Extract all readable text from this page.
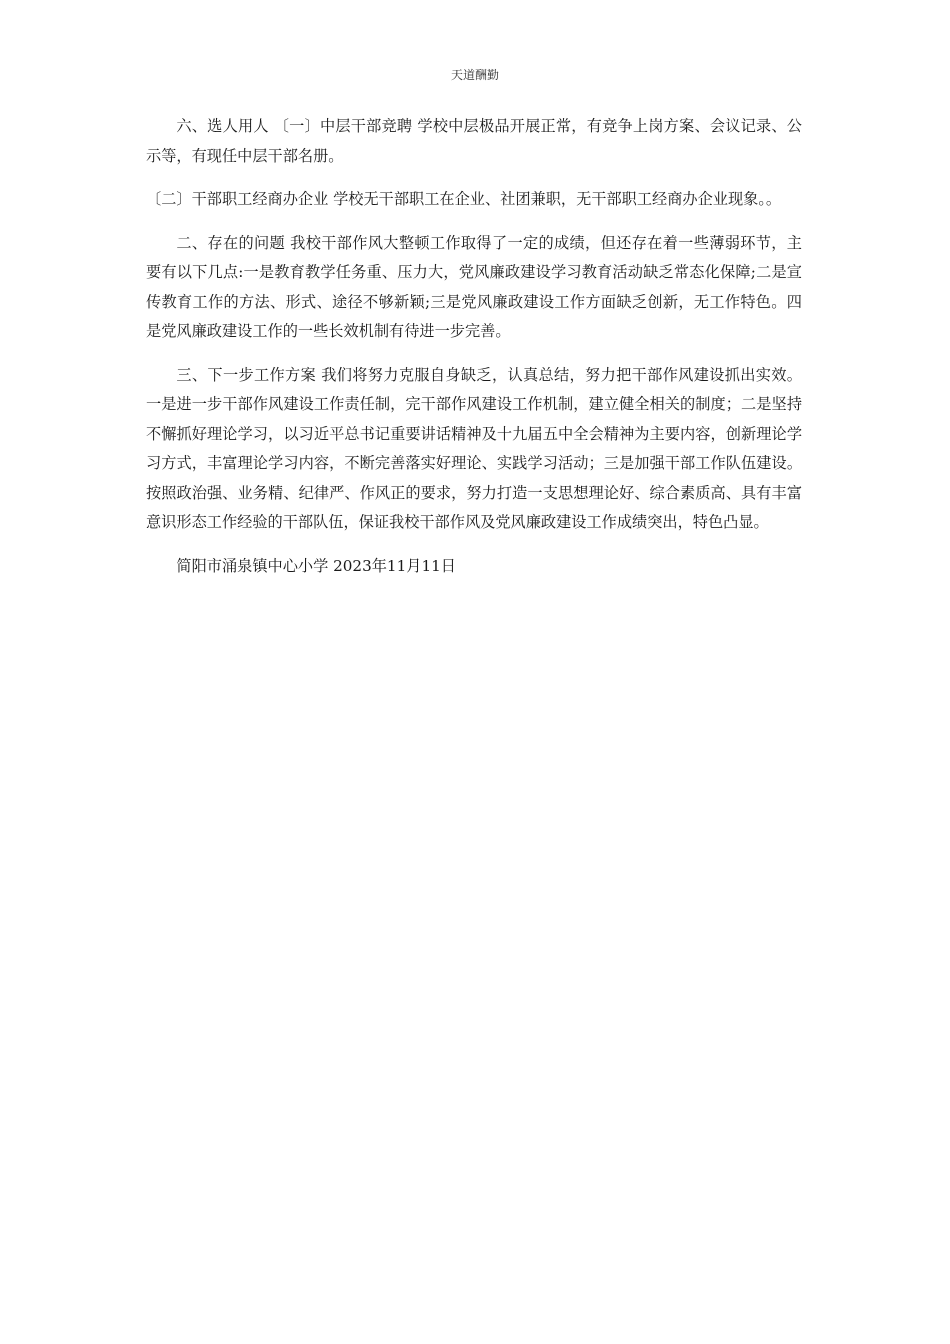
天道酬勤

六、选人用人 〔一〕中层干部竞聘 学校中层极品开展正常，有竞争上岗方案、会议记录、公示等，有现任中层干部名册。

〔二〕干部职工经商办企业 学校无干部职工在企业、社团兼职，无干部职工经商办企业现象。。

二、存在的问题 我校干部作风大整顿工作取得了一定的成绩，但还存在着一些薄弱环节，主要有以下几点:一是教育教学任务重、压力大，党风廉政建设学习教育活动缺乏常态化保障;二是宣传教育工作的方法、形式、途径不够新颖;三是党风廉政建设工作方面缺乏创新，无工作特色。四是党风廉政建设工作的一些长效机制有待进一步完善。

三、下一步工作方案 我们将努力克服自身缺乏，认真总结，努力把干部作风建设抓出实效。一是进一步干部作风建设工作责任制，完干部作风建设工作机制，建立健全相关的制度；二是坚持不懈抓好理论学习，以习近平总书记重要讲话精神及十九届五中全会精神为主要内容，创新理论学习方式，丰富理论学习内容，不断完善落实好理论、实践学习活动；三是加强干部工作队伍建设。按照政治强、业务精、纪律严、作风正的要求，努力打造一支思想理论好、综合素质高、具有丰富意识形态工作经验的干部队伍，保证我校干部作风及党风廉政建设工作成绩突出，特色凸显。

简阳市涌泉镇中心小学 2023年11月11日
